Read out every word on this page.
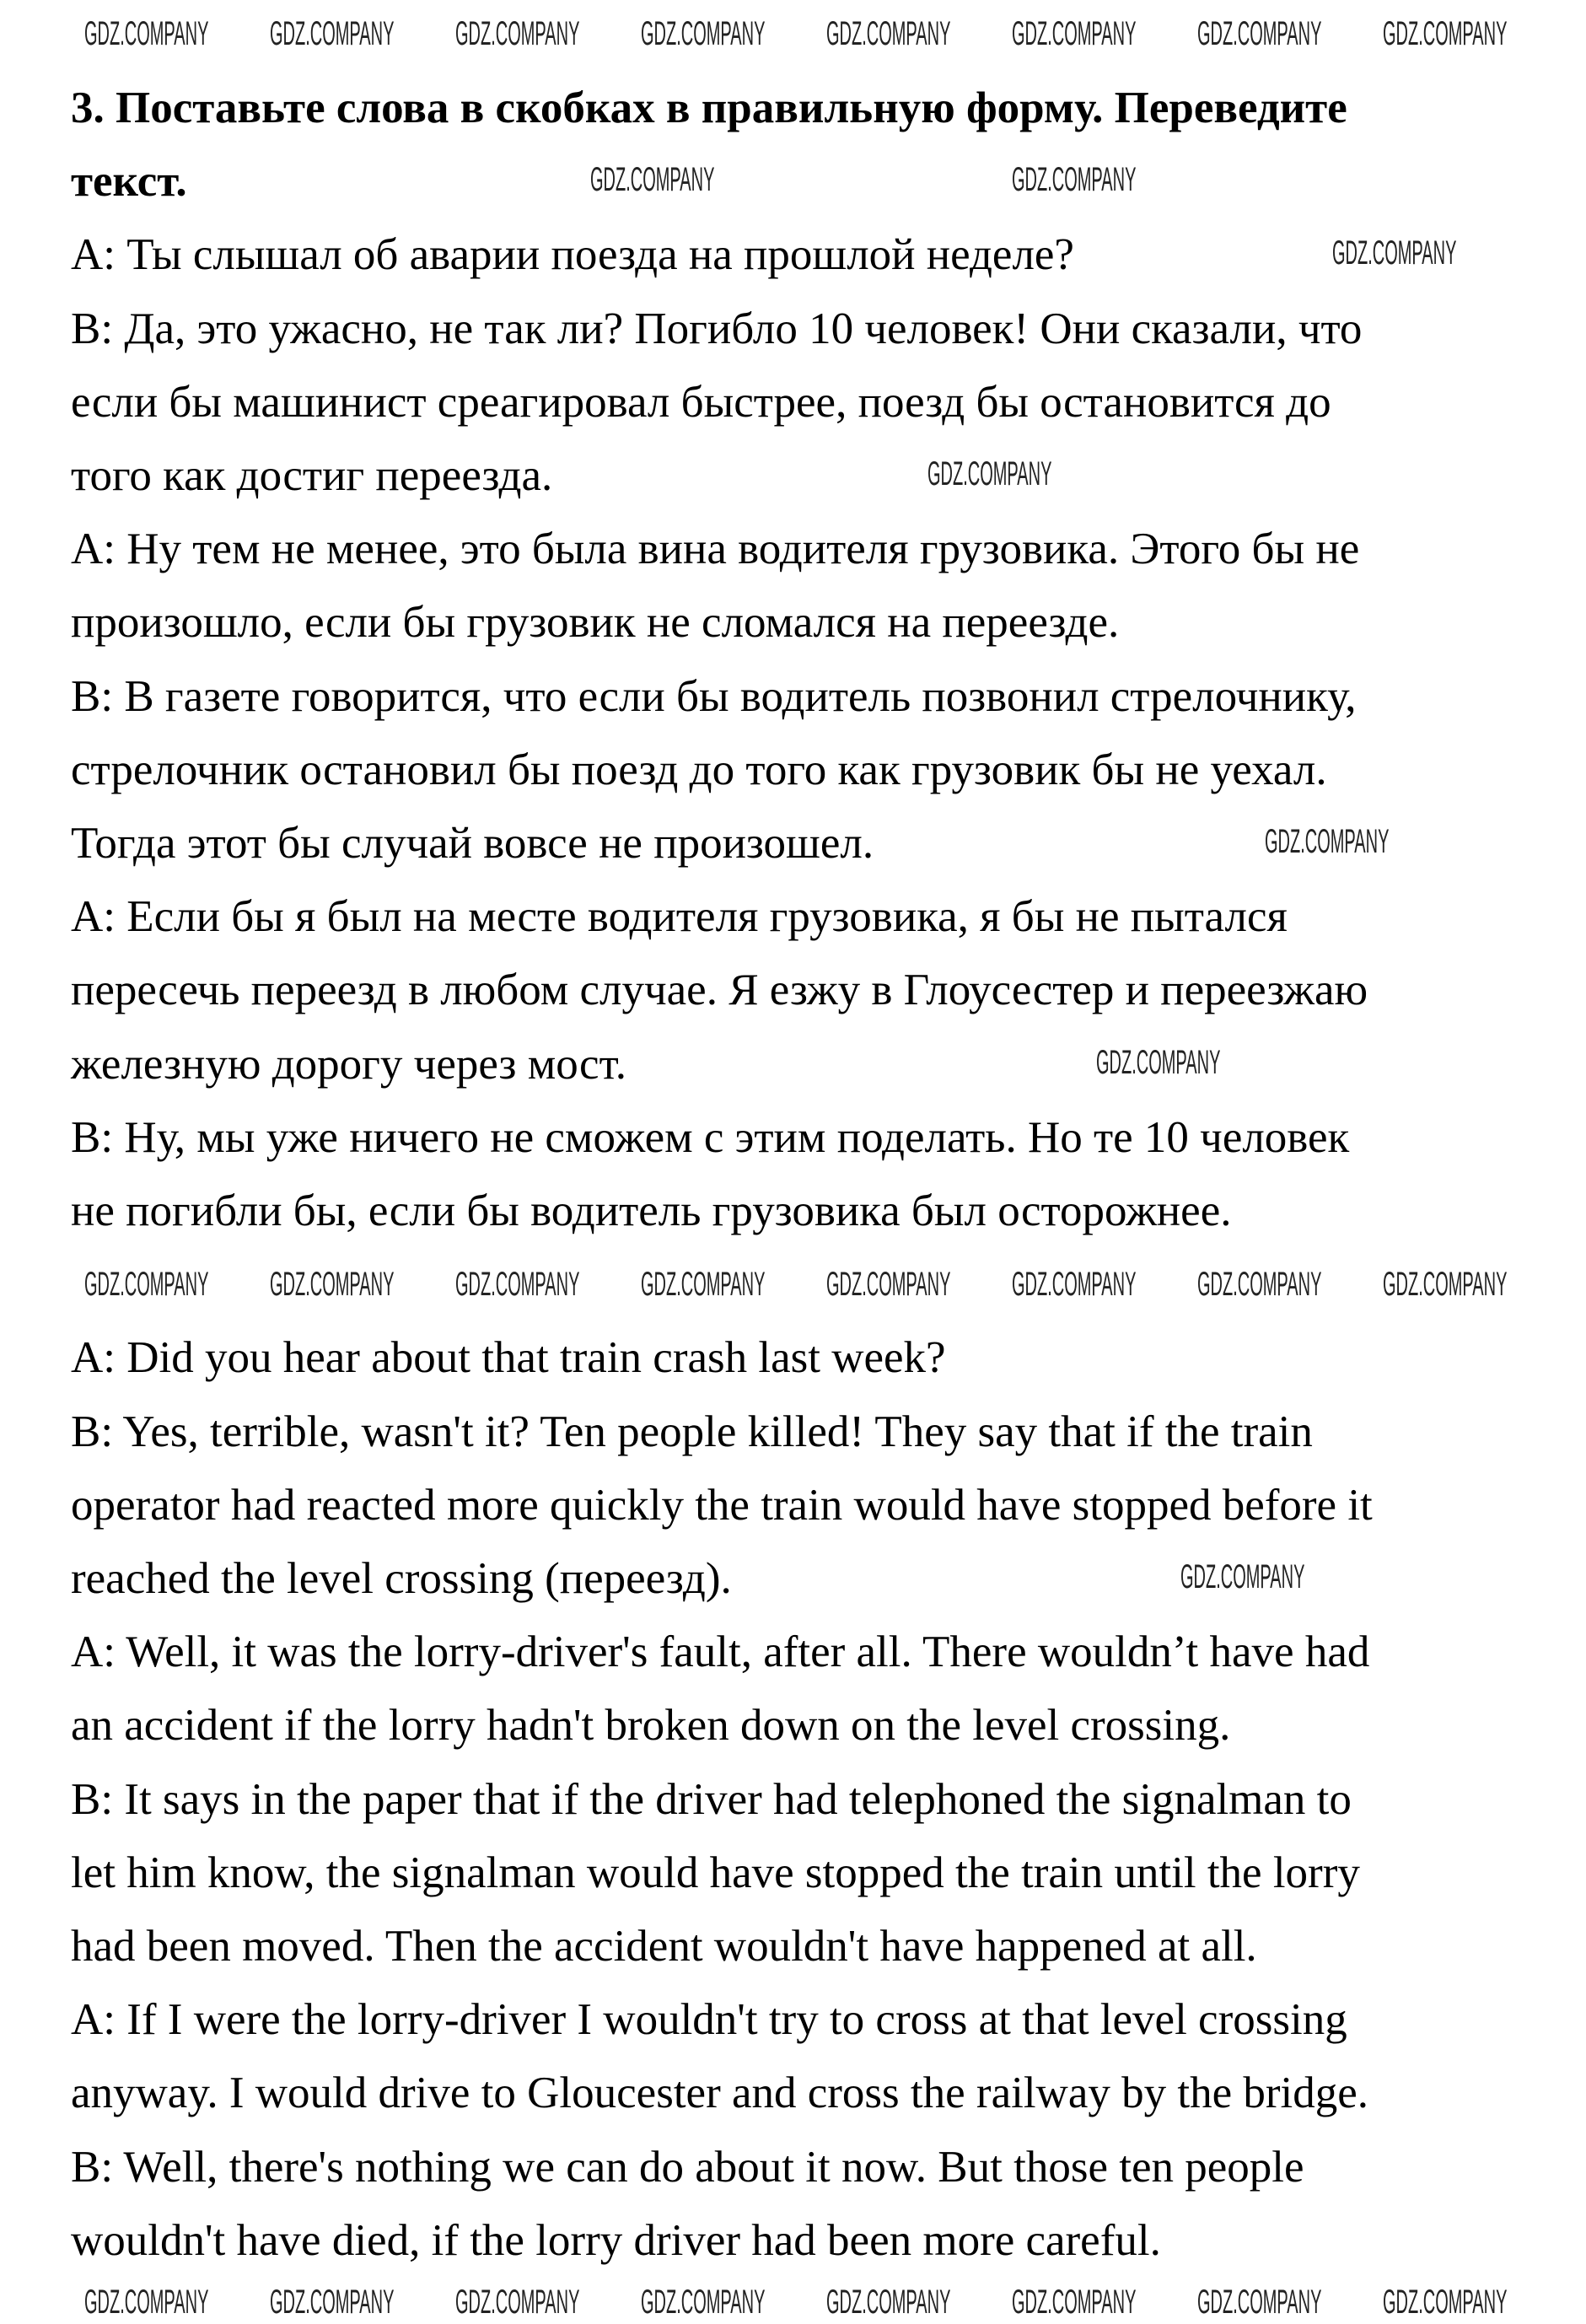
3. Поставьте слова в скобках в правильную форму. Переведите
текст.
A: Ты слышал об аварии поезда на прошлой неделе?
B: Да, это ужасно, не так ли? Погибло 10 человек! Они сказали, что
если бы машинист среагировал быстрее, поезд бы остановится до
того как достиг переезда.
A: Ну тем не менее, это была вина водителя грузовика. Этого бы не
произошло, если бы грузовик не сломался на переезде.
B: В газете говорится, что если бы водитель позвонил стрелочнику,
стрелочник остановил бы поезд до того как грузовик бы не уехал.
Тогда этот бы случай вовсе не произошел.
A: Если бы я был на месте водителя грузовика, я бы не пытался
пересечь переезд в любом случае. Я езжу в Глоусестер и переезжаю
железную дорогу через мост.
B: Ну, мы уже ничего не сможем с этим поделать. Но те 10 человек
не погибли бы, если бы водитель грузовика был осторожнее.
A: Did you hear about that train crash last week?
B: Yes, terrible, wasn't it? Ten people killed! They say that if the train
operator had reacted more quickly the train would have stopped before it
reached the level crossing (переезд).
A: Well, it was the lorry-driver's fault, after all. There wouldn’t have had
an accident if the lorry hadn't broken down on the level crossing.
B: It says in the paper that if the driver had telephoned the signalman to
let him know, the signalman would have stopped the train until the lorry
had been moved. Then the accident wouldn't have happened at all.
A: If I were the lorry-driver I wouldn't try to cross at that level crossing
anyway. I would drive to Gloucester and cross the railway by the bridge.
B: Well, there's nothing we can do about it now. But those ten people
wouldn't have died, if the lorry driver had been more careful.
GDZ.COMPANY GDZ.COMPANY GDZ.COMPANY GDZ.COMPANY GDZ.COMPANY GDZ.COMPANY GDZ.COMPANY GDZ.COMPANY
GDZ.COMPANY	GDZ.COMPANY
GDZ.COMPANY
GDZ.COMPANY
GDZ.COMPANY
GDZ.COMPANY
GDZ.COMPANY
GDZ.COMPANY GDZ.COMPANY GDZ.COMPANY GDZ.COMPANY GDZ.COMPANY GDZ.COMPANY GDZ.COMPANY GDZ.COMPANY
GDZ.COMPANY GDZ.COMPANY GDZ.COMPANY GDZ.COMPANY GDZ.COMPANY GDZ.COMPANY GDZ.COMPANY GDZ.COMPANY
